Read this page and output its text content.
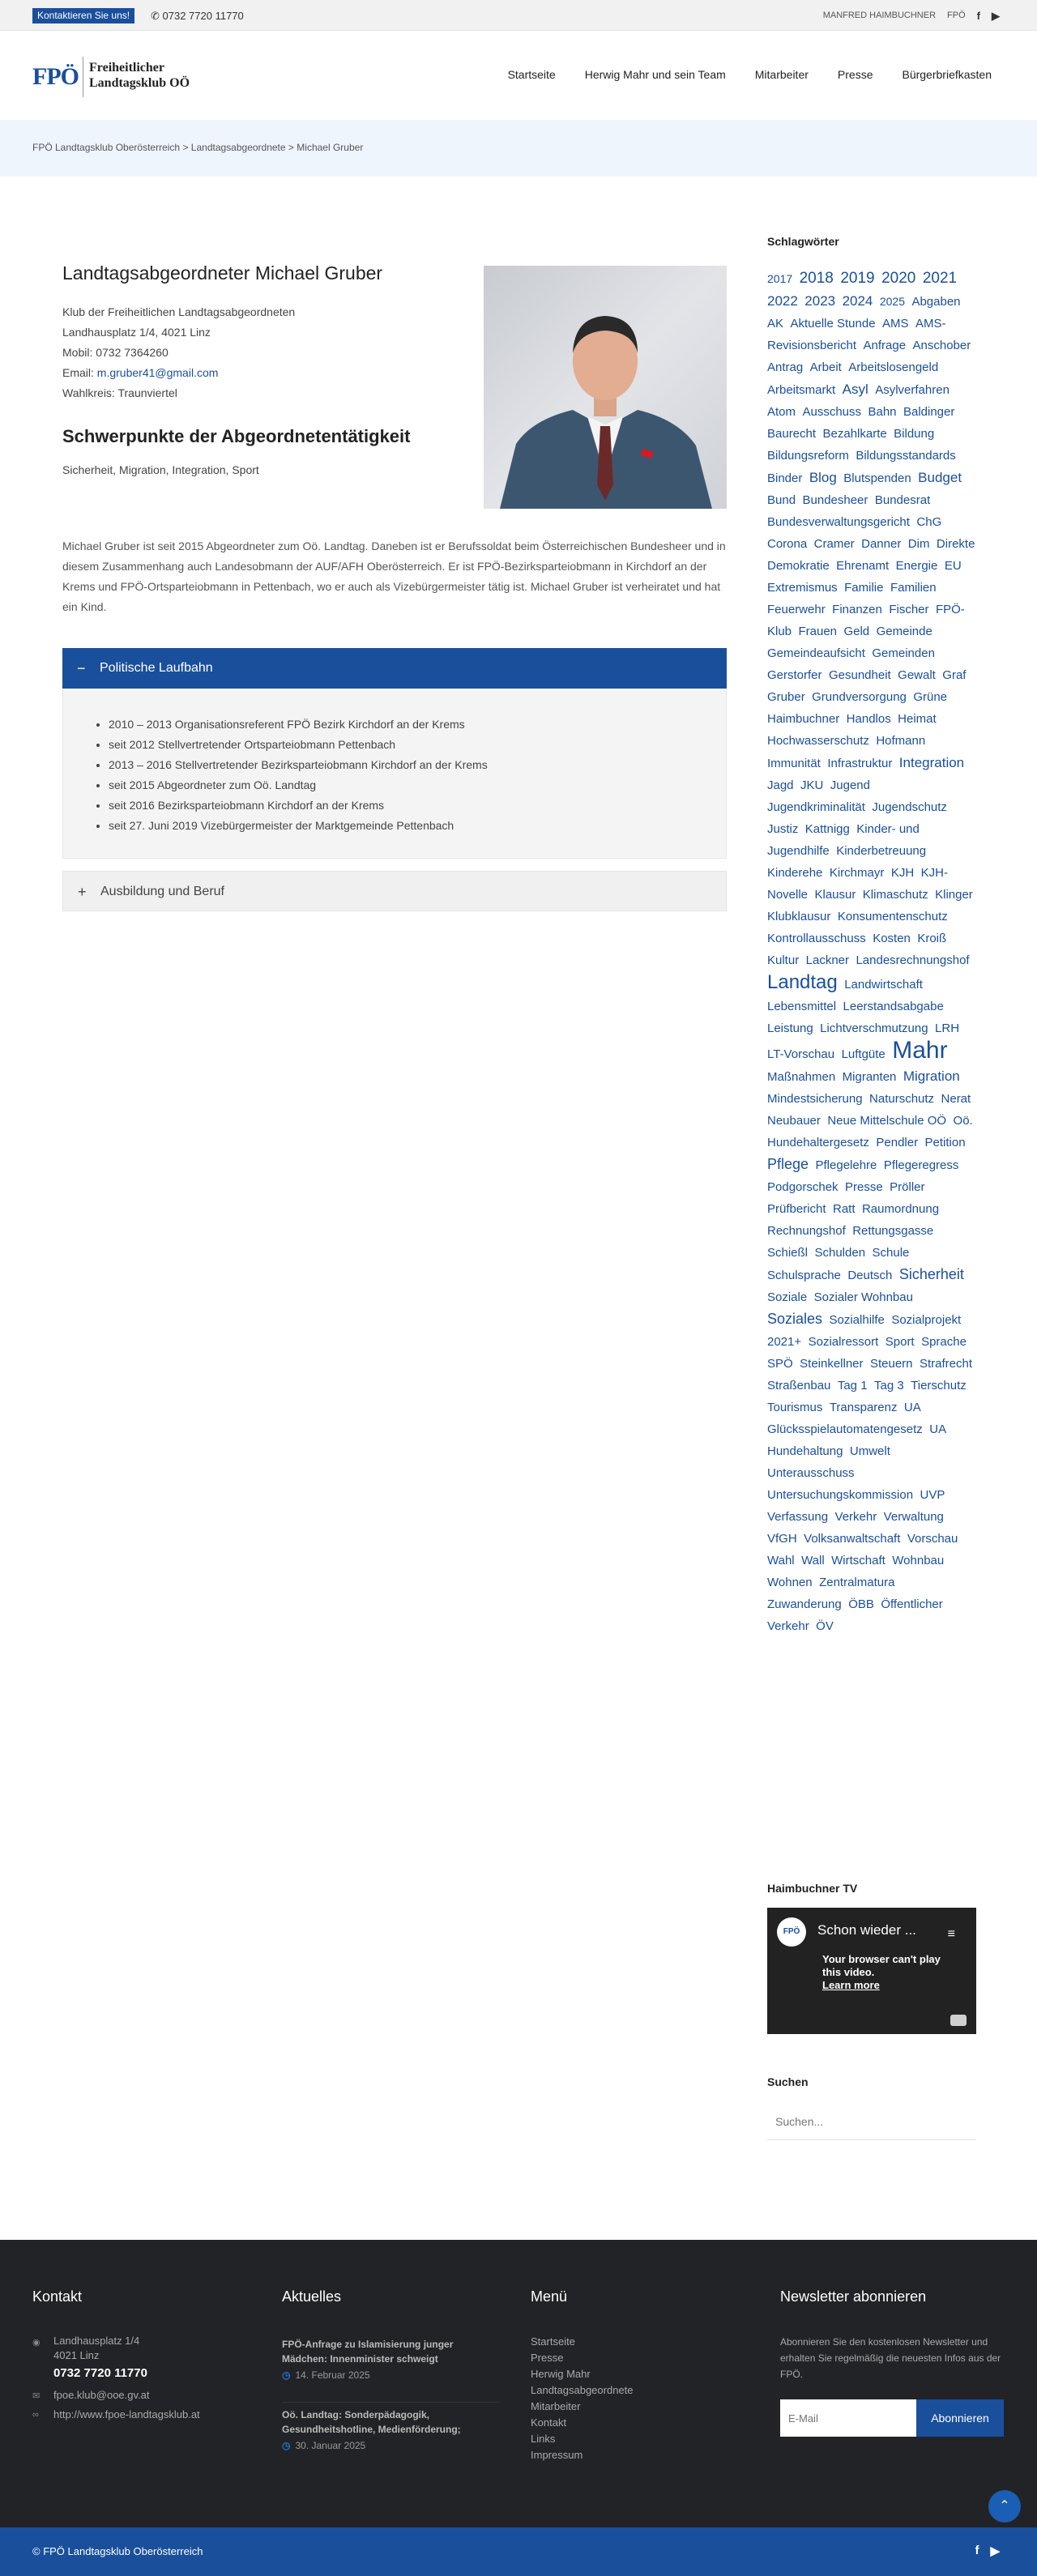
Kontaktieren Sie uns!	✆ 0732 7720 11770	MANFRED HAIMBUCHNER FPÖ f ▶
FPÖ Freiheitlicher
Landtagsklub OÖ
Startseite	Herwig Mahr und sein Team	Mitarbeiter	Presse	Bürgerbriefkasten
FPÖ Landtagsklub Oberösterreich > Landtagsabgeordnete > Michael Gruber
Landtagsabgeordneter Michael Gruber
Klub der Freiheitlichen Landtagsabgeordneten
Landhausplatz 1/4, 4021 Linz
Mobil: 0732 7364260
Email: m.gruber41@gmail.com
Wahlkreis: Traunviertel
Schwerpunkte der Abgeordnetentätigkeit
Sicherheit, Migration, Integration, Sport

Michael Gruber ist seit 2015 Abgeordneter zum Oö. Landtag. Daneben ist er Berufssoldat beim Österreichischen Bundesheer und in diesem Zusammenhang auch Landesobmann der AUF/AFH Oberösterreich. Er ist FPÖ-Bezirksparteiobmann in Kirchdorf an der Krems und FPÖ-Ortsparteiobmann in Pettenbach, wo er auch als Vizebürgermeister tätig ist. Michael Gruber ist verheiratet und hat ein Kind.

− Politische Laufbahn
• 2010 – 2013 Organisationsreferent FPÖ Bezirk Kirchdorf an der Krems
• seit 2012 Stellvertretender Ortsparteiobmann Pettenbach
• 2013 – 2016 Stellvertretender Bezirksparteiobmann Kirchdorf an der Krems
• seit 2015 Abgeordneter zum Oö. Landtag
• seit 2016 Bezirksparteiobmann Kirchdorf an der Krems
• seit 27. Juni 2019 Vizebürgermeister der Marktgemeinde Pettenbach
+ Ausbildung und Beruf
Schlagwörter
2017 2018 2019 2020 2021 2022 2023 2024 2025 Abgaben AK Aktuelle Stunde AMS AMS-Revisionsbericht Anfrage Anschober Antrag Arbeit Arbeitslosengeld Arbeitsmarkt Asyl Asylverfahren Atom Ausschuss Bahn Baldinger Baurecht Bezahlkarte Bildung Bildungsreform Bildungsstandards Binder Blog Blutspenden Budget Bund Bundesheer Bundesrat Bundesverwaltungsgericht ChG Corona Cramer Danner Dim Direkte Demokratie Ehrenamt Energie EU Extremismus Familie Familien Feuerwehr Finanzen Fischer FPÖ-Klub Frauen Geld Gemeinde Gemeindeaufsicht Gemeinden Gerstorfer Gesundheit Gewalt Graf Gruber Grundversorgung Grüne Haimbuchner Handlos Heimat Hochwasserschutz Hofmann Immunität Infrastruktur Integration Jagd JKU Jugend Jugendkriminalität Jugendschutz Justiz Kattnigg Kinder- und Jugendhilfe Kinderbetreuung Kinderehe Kirchmayr KJH KJH-Novelle Klausur Klimaschutz Klinger Klubklausur Konsumentenschutz Kontrollausschuss Kosten Kroiß Kultur Lackner Landesrechnungshof Landtag Landwirtschaft Lebensmittel Leerstandsabgabe Leistung Lichtverschmutzung LRH LT-Vorschau Luftgüte Mahr Maßnahmen Migranten Migration Mindestsicherung Naturschutz Nerat Neubauer Neue Mittelschule OÖ Oö. Hundehaltergesetz Pendler Petition Pflege Pflegelehre Pflegeregress Podgorschek Presse Pröller Prüfbericht Ratt Raumordnung Rechnungshof Rettungsgasse Schießl Schulden Schule Schulsprache Deutsch Sicherheit Soziale Sozialer Wohnbau Soziales Sozialhilfe Sozialprojekt 2021+ Sozialressort Sport Sprache SPÖ Steinkellner Steuern Strafrecht Straßenbau Tag 1 Tag 3 Tierschutz Tourismus Transparenz UA Glücksspielautomatengesetz UA Hundehaltung Umwelt Unterausschuss Untersuchungskommission UVP Verfassung Verkehr Verwaltung VfGH Volksanwaltschaft Vorschau Wahl Wall Wirtschaft Wohnbau Wohnen Zentralmatura Zuwanderung ÖBB Öffentlicher Verkehr ÖV
Haimbuchner TV
FPÖ	Schon wieder ... ≡
Your browser can't play this video.
Learn more
Suchen
Suchen...
Kontakt
◉ Landhausplatz 1/4
4021 Linz
0732 7720 11770
✉ fpoe.klub@ooe.gv.at
∞ http://www.fpoe-landtagsklub.at
Aktuelles
FPÖ-Anfrage zu Islamisierung junger Mädchen: Innenminister schweigt
◷ 14. Februar 2025
Oö. Landtag: Sonderpädagogik, Gesundheitshotline, Medienförderung;
◷ 30. Januar 2025
Menü
Startseite
Presse
Herwig Mahr
Landtagsabgeordnete
Mitarbeiter
Kontakt
Links
Impressum
Newsletter abonnieren
Abonnieren Sie den kostenlosen Newsletter und erhalten Sie regelmäßig die neuesten Infos aus der FPÖ.
E-Mail
Abonnieren
⌃
© FPÖ Landtagsklub Oberösterreich	f ▶
